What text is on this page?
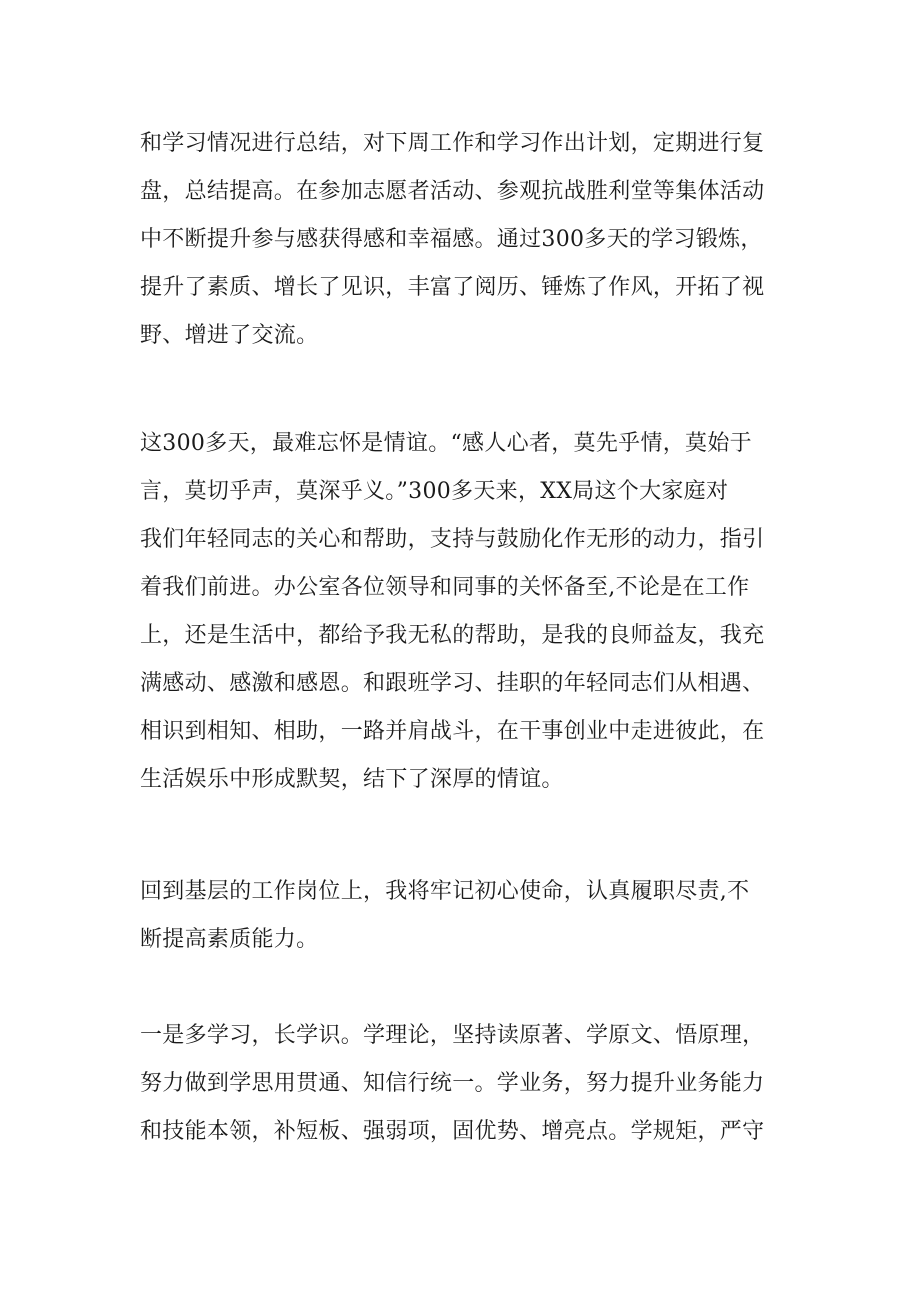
和学习情况进行总结，对下周工作和学习作出计划，定期进行复
盘，总结提高。在参加志愿者活动、参观抗战胜利堂等集体活动
中不断提升参与感获得感和幸福感。通过300多天的学习锻炼，
提升了素质、增长了见识，丰富了阅历、锤炼了作风，开拓了视
野、增进了交流。
这300多天，最难忘怀是情谊。“感人心者，莫先乎情，莫始于
言，莫切乎声，莫深乎义。”300多天来，XX局这个大家庭对
我们年轻同志的关心和帮助，支持与鼓励化作无形的动力，指引
着我们前进。办公室各位领导和同事的关怀备至,不论是在工作
上，还是生活中，都给予我无私的帮助，是我的良师益友，我充
满感动、感激和感恩。和跟班学习、挂职的年轻同志们从相遇、
相识到相知、相助，一路并肩战斗，在干事创业中走进彼此，在
生活娱乐中形成默契，结下了深厚的情谊。
回到基层的工作岗位上，我将牢记初心使命，认真履职尽责,不
断提高素质能力。
一是多学习，长学识。学理论，坚持读原著、学原文、悟原理，
努力做到学思用贯通、知信行统一。学业务，努力提升业务能力
和技能本领，补短板、强弱项，固优势、增亮点。学规矩，严守
